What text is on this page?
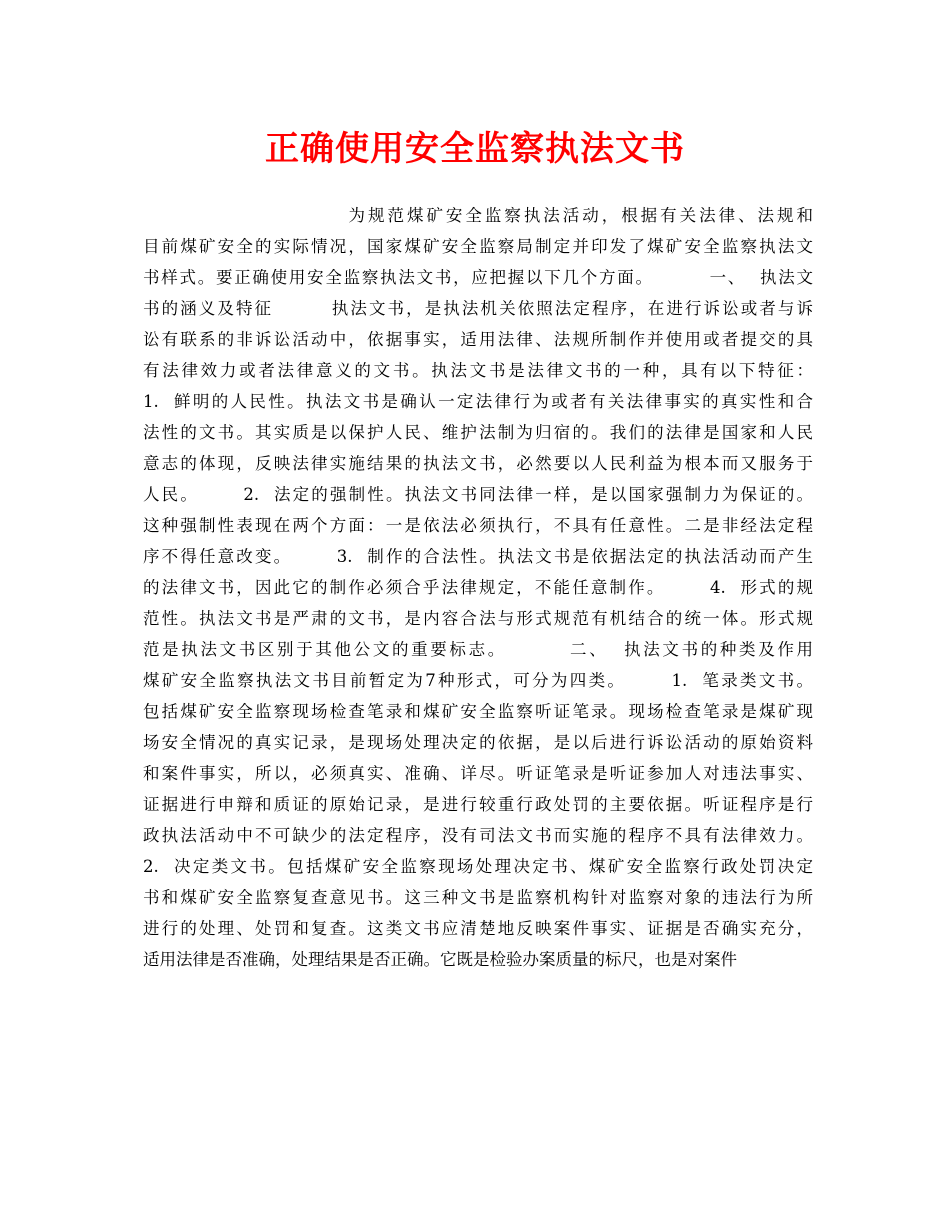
正确使用安全监察执法文书
为规范煤矿安全监察执法活动，根据有关法律、法规和
目前煤矿安全的实际情况，国家煤矿安全监察局制定并印发了煤矿安全监察执法文
书样式。要正确使用安全监察执法文书，应把握以下几个方面。        一、  执法文
书的涵义及特征        执法文书，是执法机关依照法定程序，在进行诉讼或者与诉
讼有联系的非诉讼活动中，依据事实，适用法律、法规所制作并使用或者提交的具
有法律效力或者法律意义的文书。执法文书是法律文书的一种，具有以下特征：
1.  鲜明的人民性。执法文书是确认一定法律行为或者有关法律事实的真实性和合
法性的文书。其实质是以保护人民、维护法制为归宿的。我们的法律是国家和人民
意志的体现，反映法律实施结果的执法文书，必然要以人民利益为根本而又服务于
人民。      2.  法定的强制性。执法文书同法律一样，是以国家强制力为保证的。
这种强制性表现在两个方面：一是依法必须执行，不具有任意性。二是非经法定程
序不得任意改变。      3.  制作的合法性。执法文书是依据法定的执法活动而产生
的法律文书，因此它的制作必须合乎法律规定，不能任意制作。      4.  形式的规
范性。执法文书是严肃的文书，是内容合法与形式规范有机结合的统一体。形式规
范是执法文书区别于其他公文的重要标志。        二、  执法文书的种类及作用
煤矿安全监察执法文书目前暂定为7种形式，可分为四类。      1.  笔录类文书。
包括煤矿安全监察现场检查笔录和煤矿安全监察听证笔录。现场检查笔录是煤矿现
场安全情况的真实记录，是现场处理决定的依据，是以后进行诉讼活动的原始资料
和案件事实，所以，必须真实、准确、详尽。听证笔录是听证参加人对违法事实、
证据进行申辩和质证的原始记录，是进行较重行政处罚的主要依据。听证程序是行
政执法活动中不可缺少的法定程序，没有司法文书而实施的程序不具有法律效力。
2.  决定类文书。包括煤矿安全监察现场处理决定书、煤矿安全监察行政处罚决定
书和煤矿安全监察复查意见书。这三种文书是监察机构针对监察对象的违法行为所
进行的处理、处罚和复查。这类文书应清楚地反映案件事实、证据是否确实充分，
适用法律是否准确，处理结果是否正确。它既是检验办案质量的标尺，也是对案件
